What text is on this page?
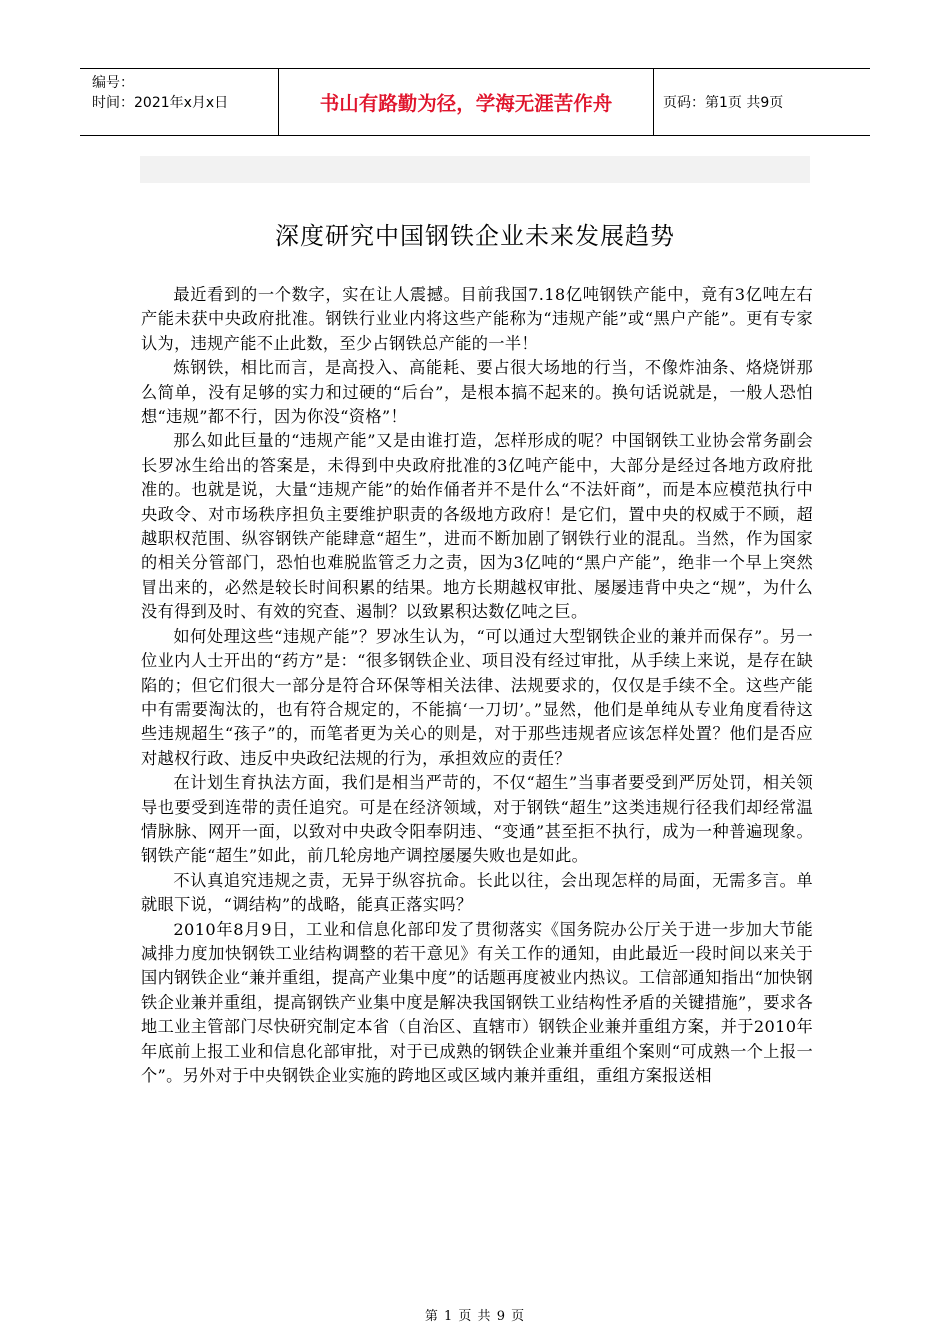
编号：
时间：2021年x月x日	书山有路勤为径，学海无涯苦作舟	页码：第1页 共9页
深度研究中国钢铁企业未来发展趋势

最近看到的一个数字，实在让人震撼。目前我国7.18亿吨钢铁产能中，竟有3亿吨左右产能未获中央政府批准。钢铁行业业内将这些产能称为“违规产能”或“黑户产能”。更有专家认为，违规产能不止此数，至少占钢铁总产能的一半！

炼钢铁，相比而言，是高投入、高能耗、要占很大场地的行当，不像炸油条、烙烧饼那么简单，没有足够的实力和过硬的“后台”，是根本搞不起来的。换句话说就是，一般人恐怕想“违规”都不行，因为你没“资格”！

那么如此巨量的“违规产能”又是由谁打造，怎样形成的呢？中国钢铁工业协会常务副会长罗冰生给出的答案是，未得到中央政府批准的3亿吨产能中，大部分是经过各地方政府批准的。也就是说，大量“违规产能”的始作俑者并不是什么“不法奸商”，而是本应模范执行中央政令、对市场秩序担负主要维护职责的各级地方政府！是它们，置中央的权威于不顾，超越职权范围、纵容钢铁产能肆意“超生”，进而不断加剧了钢铁行业的混乱。当然，作为国家的相关分管部门，恐怕也难脱监管乏力之责，因为3亿吨的“黑户产能”，绝非一个早上突然冒出来的，必然是较长时间积累的结果。地方长期越权审批、屡屡违背中央之“规”，为什么没有得到及时、有效的究查、遏制？以致累积达数亿吨之巨。

如何处理这些“违规产能”？罗冰生认为，“可以通过大型钢铁企业的兼并而保存”。另一位业内人士开出的“药方”是：“很多钢铁企业、项目没有经过审批，从手续上来说，是存在缺陷的；但它们很大一部分是符合环保等相关法律、法规要求的，仅仅是手续不全。这些产能中有需要淘汰的，也有符合规定的，不能搞‘一刀切’。”显然，他们是单纯从专业角度看待这些违规超生“孩子”的，而笔者更为关心的则是，对于那些违规者应该怎样处置？他们是否应对越权行政、违反中央政纪法规的行为，承担效应的责任？

在计划生育执法方面，我们是相当严苛的，不仅“超生”当事者要受到严厉处罚，相关领导也要受到连带的责任追究。可是在经济领域，对于钢铁“超生”这类违规行径我们却经常温情脉脉、网开一面，以致对中央政令阳奉阴违、“变通”甚至拒不执行，成为一种普遍现象。钢铁产能“超生”如此，前几轮房地产调控屡屡失败也是如此。

不认真追究违规之责，无异于纵容抗命。长此以往，会出现怎样的局面，无需多言。单就眼下说，“调结构”的战略，能真正落实吗？

2010年8月9日，工业和信息化部印发了贯彻落实《国务院办公厅关于进一步加大节能减排力度加快钢铁工业结构调整的若干意见》有关工作的通知，由此最近一段时间以来关于国内钢铁企业“兼并重组，提高产业集中度”的话题再度被业内热议。工信部通知指出“加快钢铁企业兼并重组，提高钢铁产业集中度是解决我国钢铁工业结构性矛盾的关键措施”，要求各地工业主管部门尽快研究制定本省（自治区、直辖市）钢铁企业兼并重组方案，并于2010年年底前上报工业和信息化部审批，对于已成熟的钢铁企业兼并重组个案则“可成熟一个上报一个”。另外对于中央钢铁企业实施的跨地区或区域内兼并重组，重组方案报送相

第 1 页 共 9 页
